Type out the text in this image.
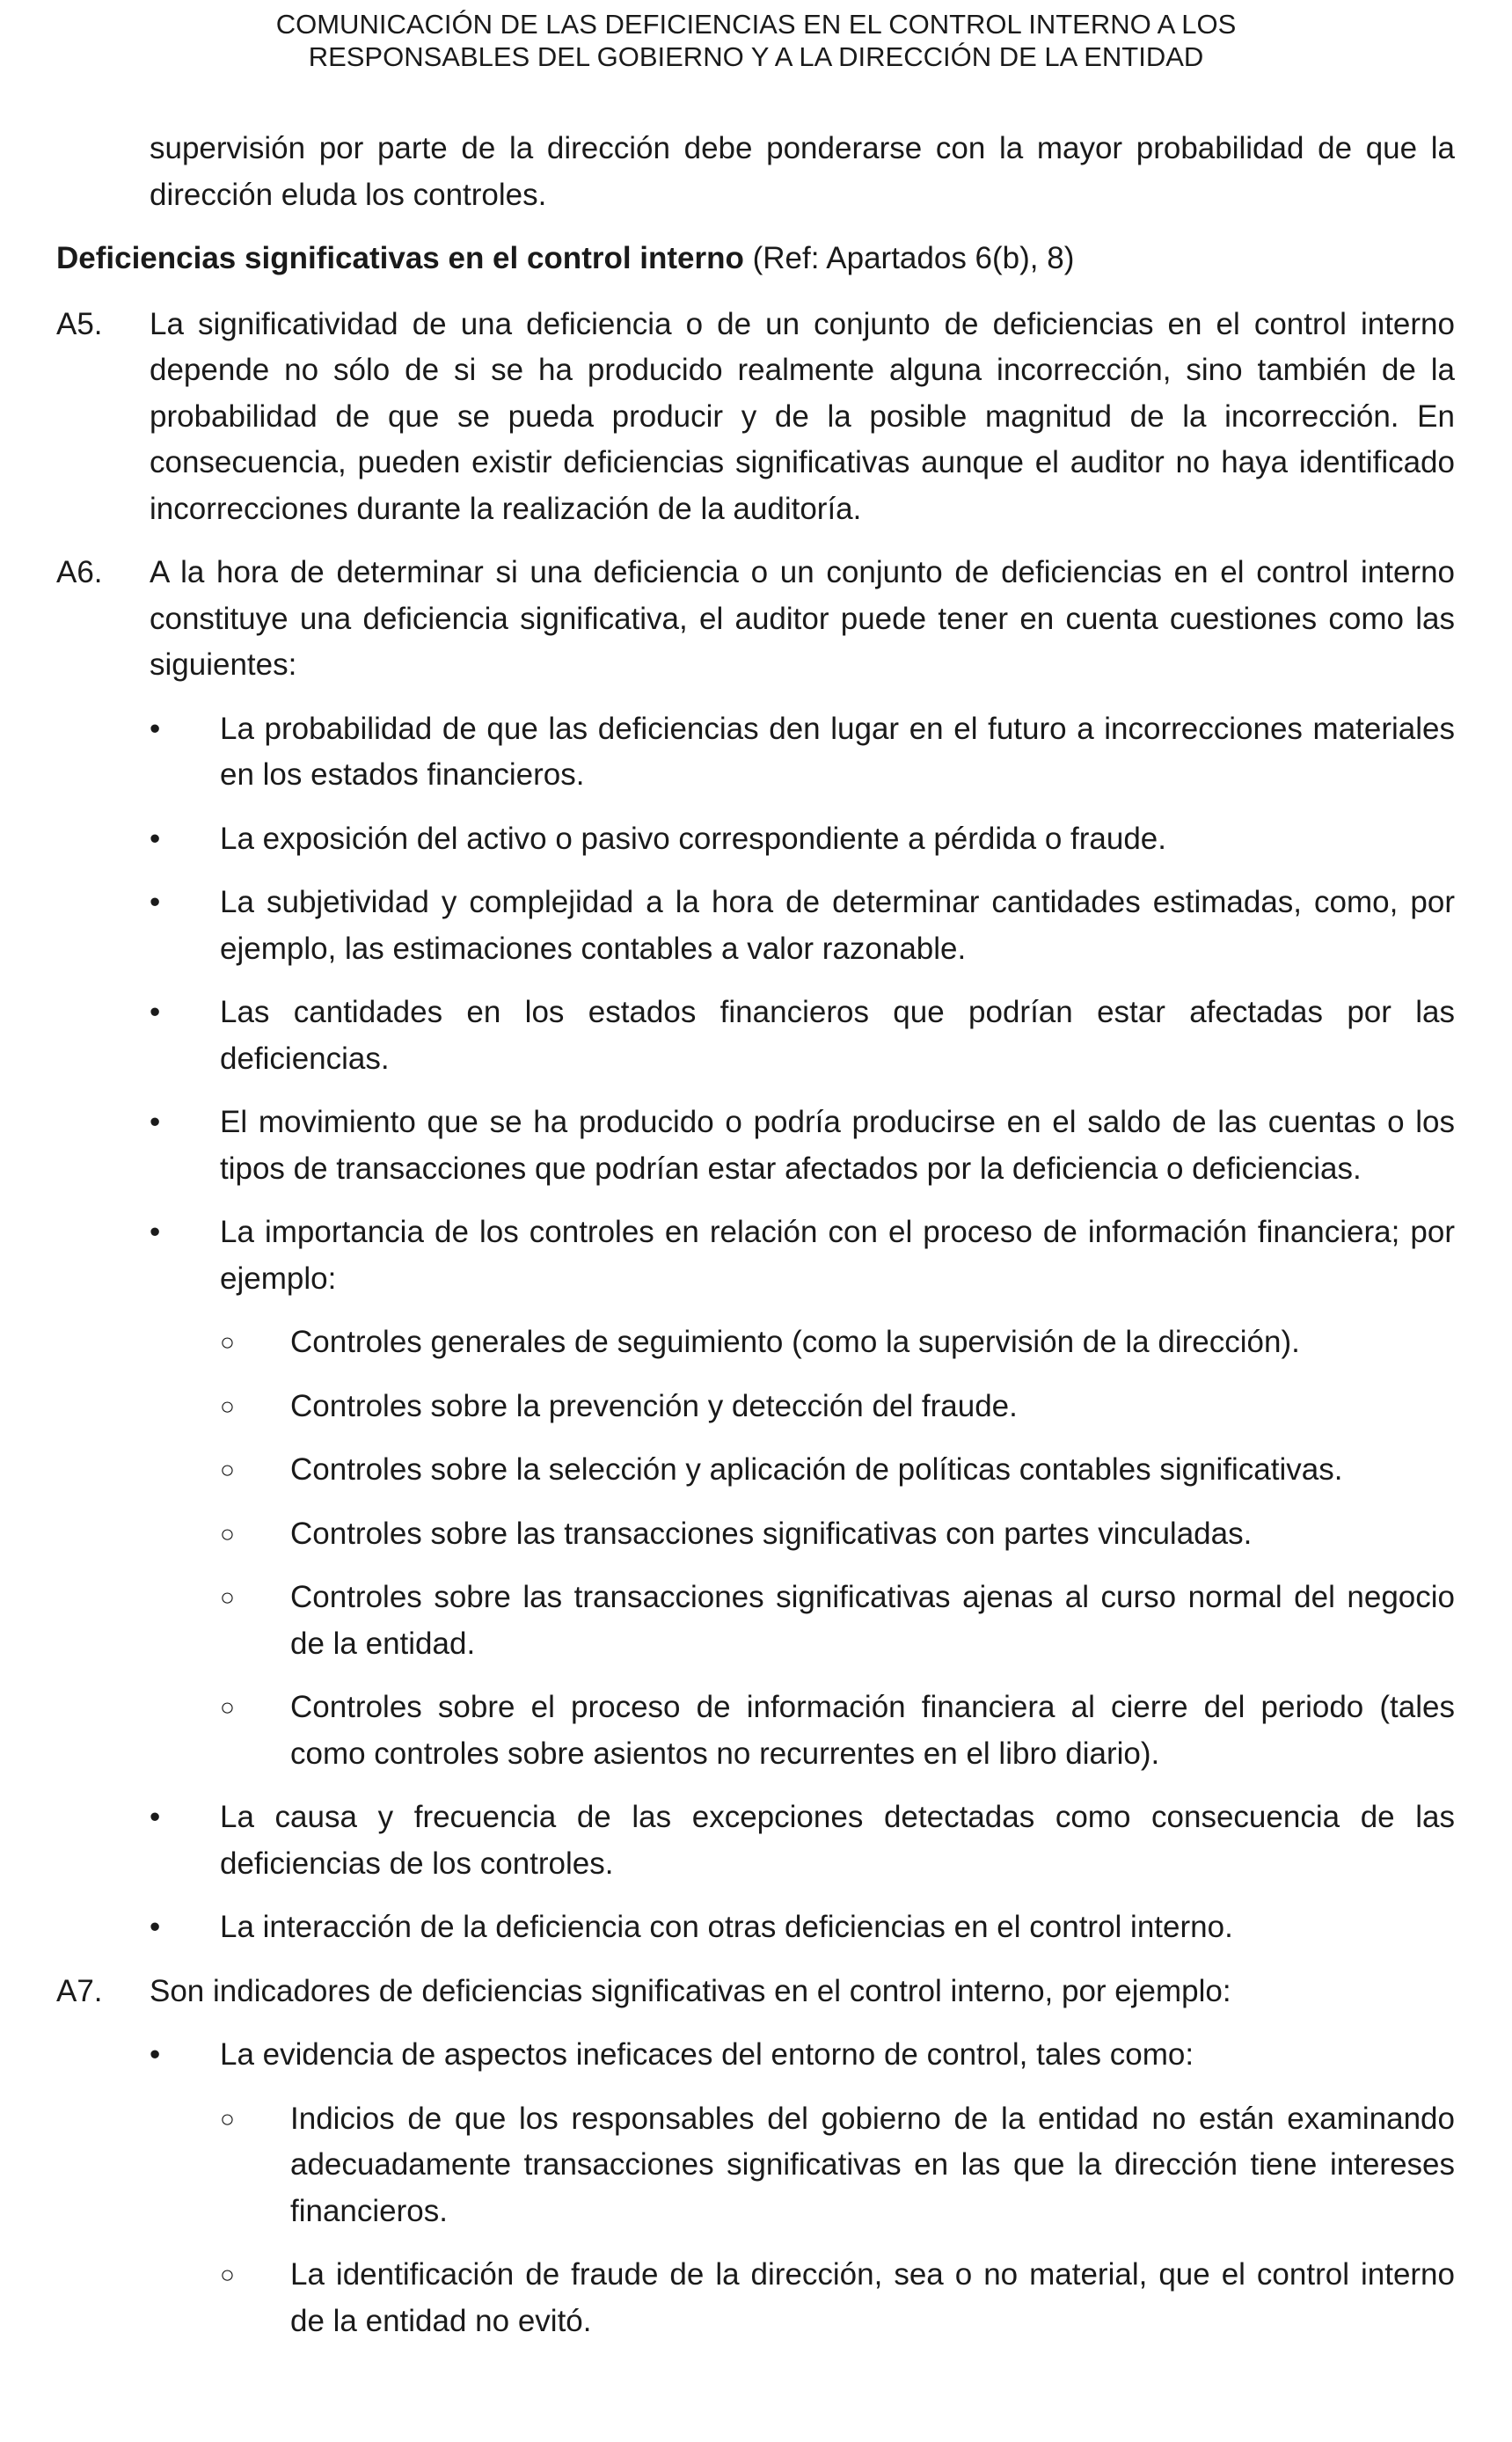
COMUNICACIÓN DE LAS DEFICIENCIAS EN EL CONTROL INTERNO A LOS
RESPONSABLES DEL GOBIERNO Y A LA DIRECCIÓN DE LA ENTIDAD

supervisión por parte de la dirección debe ponderarse con la mayor probabilidad de que la dirección eluda los controles.

Deficiencias significativas en el control interno (Ref: Apartados 6(b), 8)

A5.	La significatividad de una deficiencia o de un conjunto de deficiencias en el control interno depende no sólo de si se ha producido realmente alguna incorrección, sino también de la probabilidad de que se pueda producir y de la posible magnitud de la incorrección. En consecuencia, pueden existir deficiencias significativas aunque el auditor no haya identificado incorrecciones durante la realización de la auditoría.
A6.	A la hora de determinar si una deficiencia o un conjunto de deficiencias en el control interno constituye una deficiencia significativa, el auditor puede tener en cuenta cuestiones como las siguientes:
•	La probabilidad de que las deficiencias den lugar en el futuro a incorrecciones materiales en los estados financieros.
•	La exposición del activo o pasivo correspondiente a pérdida o fraude.
•	La subjetividad y complejidad a la hora de determinar cantidades estimadas, como, por ejemplo, las estimaciones contables a valor razonable.
•	Las cantidades en los estados financieros que podrían estar afectadas por las deficiencias.
•	El movimiento que se ha producido o podría producirse en el saldo de las cuentas o los tipos de transacciones que podrían estar afectados por la deficiencia o deficiencias.
•	La importancia de los controles en relación con el proceso de información financiera; por ejemplo:
○	Controles generales de seguimiento (como la supervisión de la dirección).
○	Controles sobre la prevención y detección del fraude.
○	Controles sobre la selección y aplicación de políticas contables significativas.
○	Controles sobre las transacciones significativas con partes vinculadas.
○	Controles sobre las transacciones significativas ajenas al curso normal del negocio de la entidad.
○	Controles sobre el proceso de información financiera al cierre del periodo (tales como controles sobre asientos no recurrentes en el libro diario).
•	La causa y frecuencia de las excepciones detectadas como consecuencia de las deficiencias de los controles.
•	La interacción de la deficiencia con otras deficiencias en el control interno.
A7.	Son indicadores de deficiencias significativas en el control interno, por ejemplo:
•	La evidencia de aspectos ineficaces del entorno de control, tales como:
○	Indicios de que los responsables del gobierno de la entidad no están examinando adecuadamente transacciones significativas en las que la dirección tiene intereses financieros.
○	La identificación de fraude de la dirección, sea o no material, que el control interno de la entidad no evitó.
